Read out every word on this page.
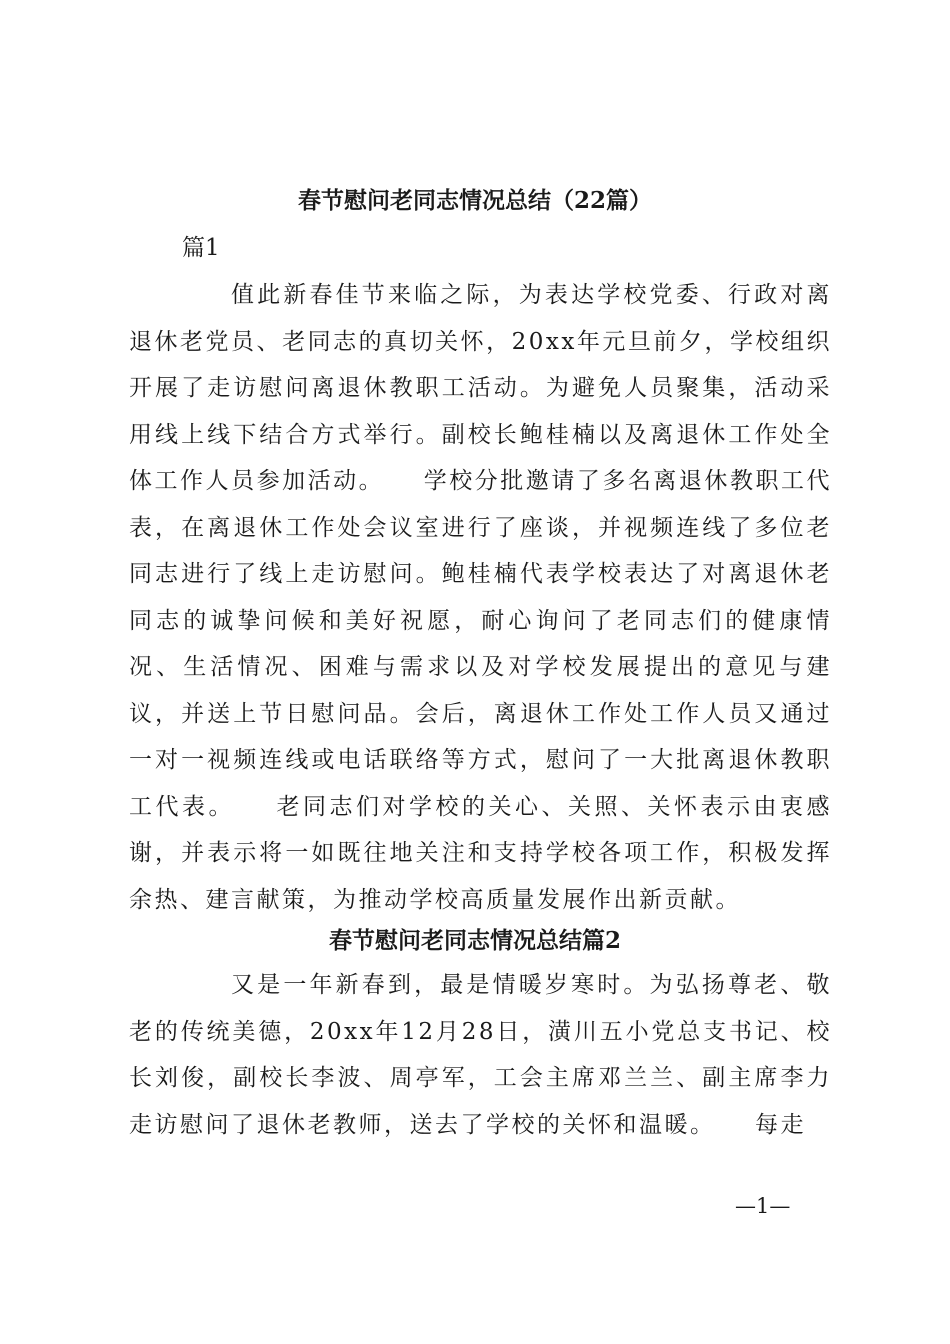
春节慰问老同志情况总结（22篇）
篇1

值此新春佳节来临之际，为表达学校党委、行政对离退休老党员、老同志的真切关怀，20xx年元旦前夕，学校组织开展了走访慰问离退休教职工活动。为避免人员聚集，活动采用线上线下结合方式举行。副校长鲍桂楠以及离退休工作处全体工作人员参加活动。　　学校分批邀请了多名离退休教职工代表，在离退休工作处会议室进行了座谈，并视频连线了多位老同志进行了线上走访慰问。鲍桂楠代表学校表达了对离退休老同志的诚挚问候和美好祝愿，耐心询问了老同志们的健康情况、生活情况、困难与需求以及对学校发展提出的意见与建议，并送上节日慰问品。会后，离退休工作处工作人员又通过一对一视频连线或电话联络等方式，慰问了一大批离退休教职工代表。　　老同志们对学校的关心、关照、关怀表示由衷感谢，并表示将一如既往地关注和支持学校各项工作，积极发挥余热、建言献策，为推动学校高质量发展作出新贡献。

春节慰问老同志情况总结篇2

又是一年新春到，最是情暖岁寒时。为弘扬尊老、敬老的传统美德，20xx年12月28日，潢川五小党总支书记、校长刘俊，副校长李波、周亭军，工会主席邓兰兰、副主席李力走访慰问了退休老教师，送去了学校的关怀和温暖。　　每走

—1—
